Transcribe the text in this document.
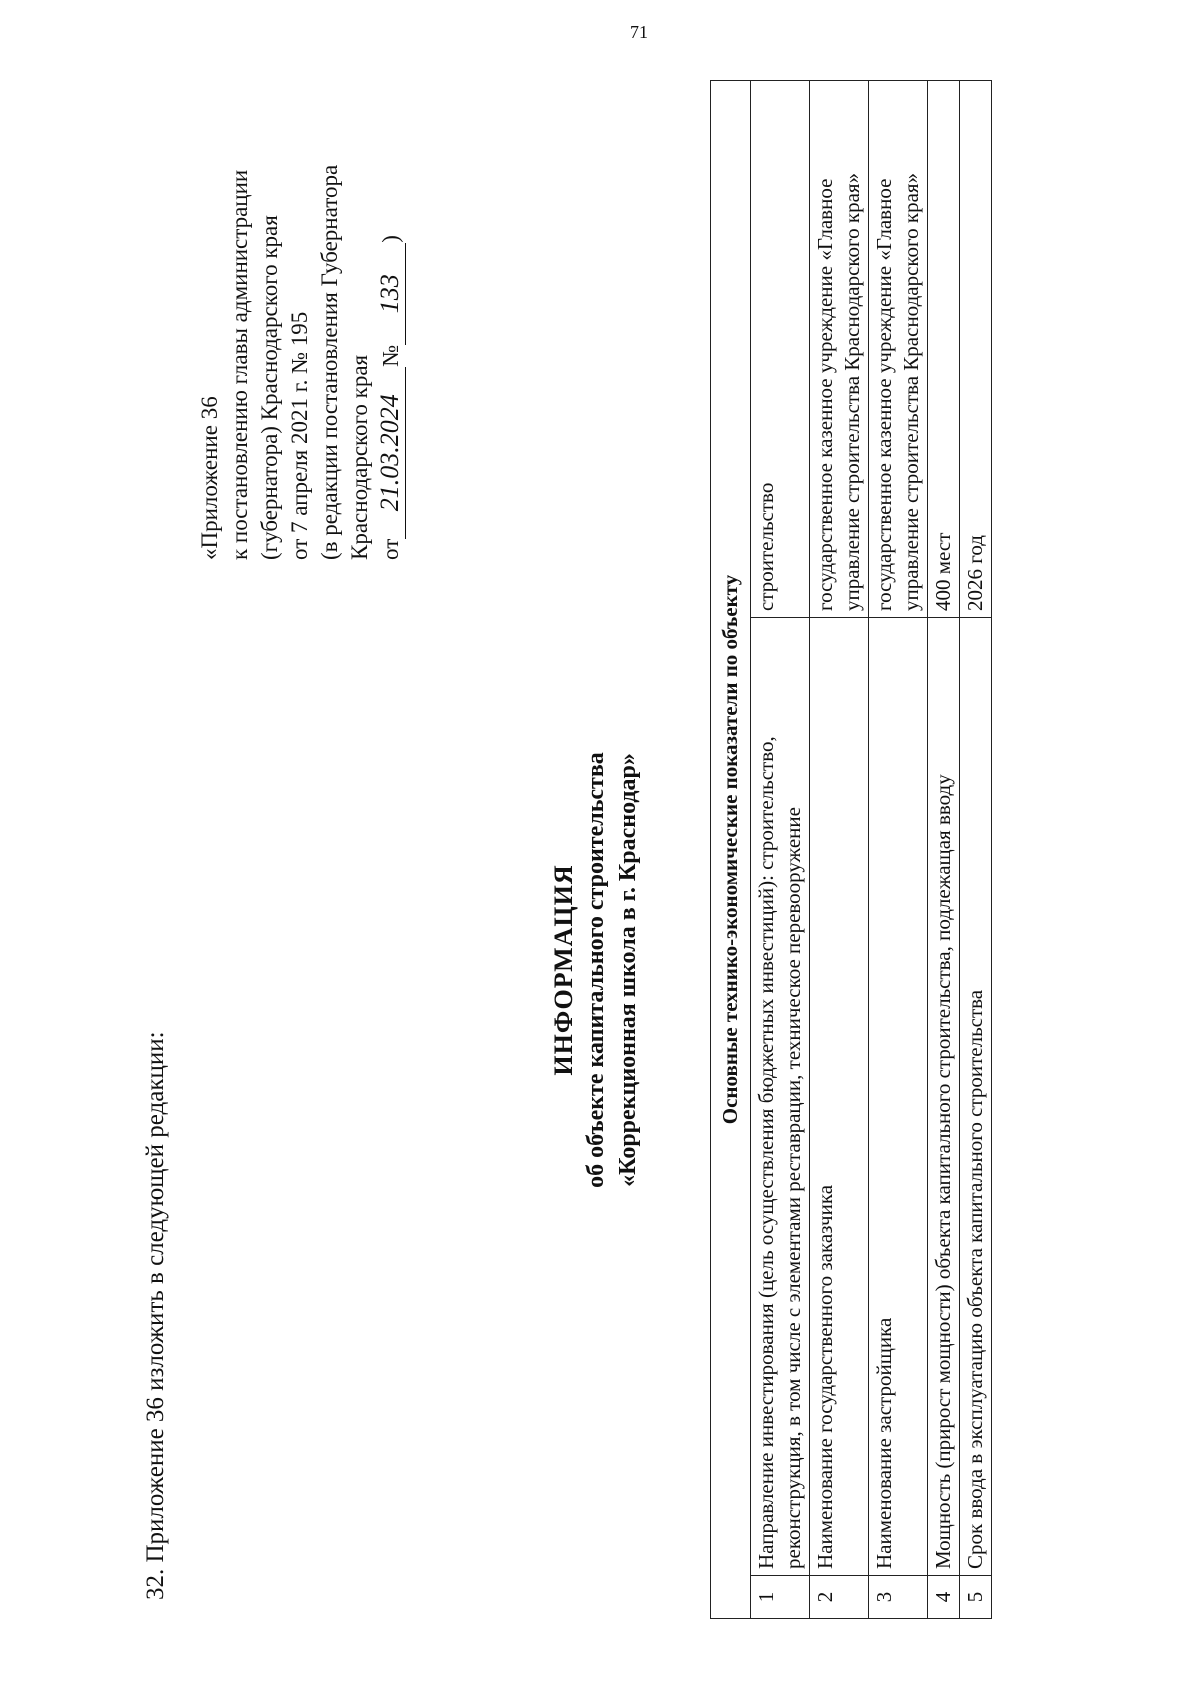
71
32. Приложение 36 изложить в следующей редакции:
«Приложение 36 к постановлению главы администрации (губернатора) Краснодарского края от 7 апреля 2021 г. № 195 (в редакции постановления Губернатора Краснодарского края от21.03.2024№133)
ИНФОРМАЦИЯ об объекте капитального строительства «Коррекционная школа в г. Краснодар»	Основные технико-экономические показатели по объекту		
1	Направление инвестирования (цель осуществления бюджетных инвестиций): строительство, реконструкция, в том числе с элементами реставрации, техническое перевооружение	строительство
2	Наименование государственного заказчика	государственное казенное учреждение «Главное управление строительства Краснодарского края»
3	Наименование застройщика	государственное казенное учреждение «Главное управление строительства Краснодарского края»
4	Мощность (прирост мощности) объекта капитального строительства, подлежащая вводу	400 мест
5	Срок ввода в эксплуатацию объекта капитального строительства	2026 год
